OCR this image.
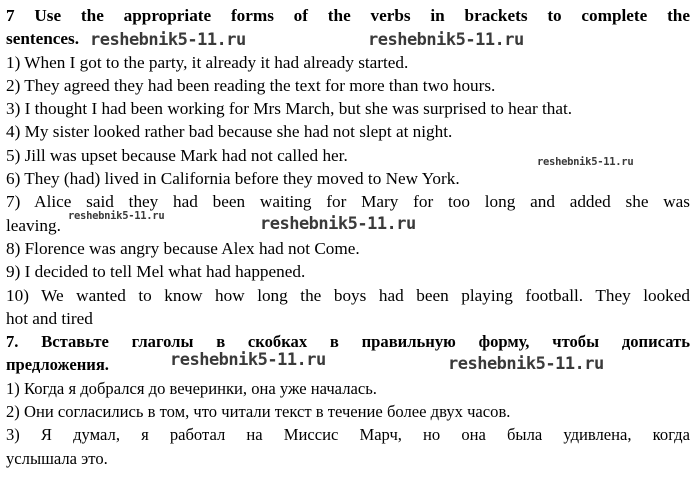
7 Use the appropriate forms of the verbs in brackets to complete the
sentences.
1) When I got to the party, it already it had already started.
2) They agreed they had been reading the text for more than two hours.
3) I thought I had been working for Mrs March, but she was surprised to hear that.
4) My sister looked rather bad because she had not slept at night.
5) Jill was upset because Mark had not called her.
6) They (had) lived in California before they moved to New York.
7) Alice said they had been waiting for Mary for too long and added she was
leaving.
8) Florence was angry because Alex had not Come.
9) I decided to tell Mel what had happened.
10) We wanted to know how long the boys had been playing football. They looked
hot and tired
7. Вставьте глаголы в скобках в правильную форму, чтобы дописать
предложения.
1) Когда я добрался до вечеринки, она уже началась.
2) Они согласились в том, что читали текст в течение более двух часов.
3) Я думал, я работал на Миссис Марч, но она была удивлена, когда
услышала это.
reshebnik5-11.ru	reshebnik5-11.ru
reshebnik5-11.ru
reshebnik5-11.ru	reshebnik5-11.ru
reshebnik5-11.ru	reshebnik5-11.ru
